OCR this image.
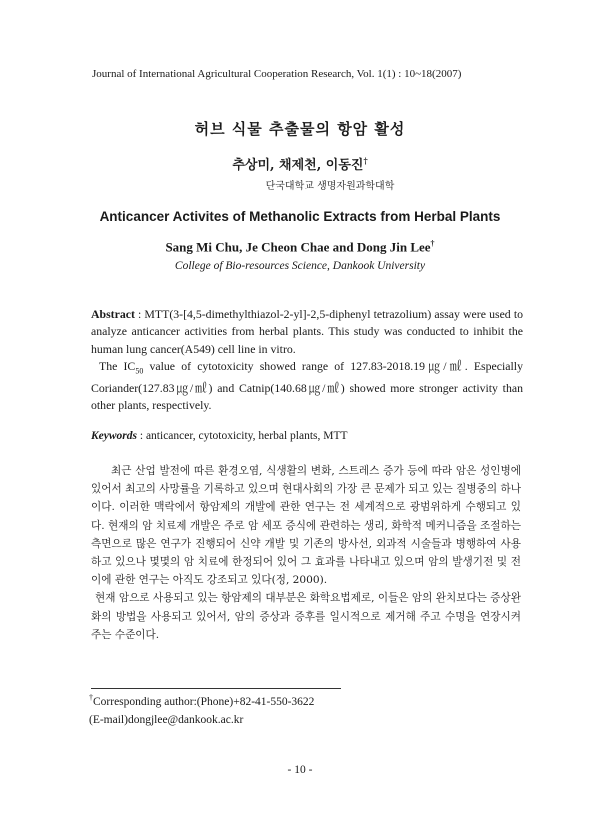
Journal of International Agricultural Cooperation Research, Vol. 1(1) : 10~18(2007)
허브 식물 추출물의 항암 활성
추상미, 채제천, 이동진†
단국대학교 생명자원과학대학
Anticancer Activites of Methanolic Extracts from Herbal Plants
Sang Mi Chu, Je Cheon Chae and Dong Jin Lee†
College of Bio-resources Science, Dankook University

Abstract : MTT(3-[4,5-dimethylthiazol-2-yl]-2,5-diphenyl tetrazolium) assay were used to analyze anticancer activities from herbal plants. This study was conducted to inhibit the human lung cancer(A549) cell line in vitro.

The $IC_{50}$ value of cytotoxicity showed range of 127.83-2018.19㎍/㎖. Especially Coriander(127.83㎍/㎖) and Catnip(140.68㎍/㎖) showed more stronger activity than other plants, respectively.

Keywords : anticancer, cytotoxicity, herbal plants, MTT

최근 산업 발전에 따른 환경오염, 식생활의 변화, 스트레스 증가 등에 따라 암은 성인병에 있어서 최고의 사망률을 기록하고 있으며 현대사회의 가장 큰 문제가 되고 있는 질병중의 하나이다. 이러한 맥락에서 항암제의 개발에 관한 연구는 전 세계적으로 광범위하게 수행되고 있다. 현재의 암 치료제 개발은 주로 암 세포 증식에 관련하는 생리, 화학적 메커니즘을 조절하는 측면으로 많은 연구가 진행되어 신약 개발 및 기존의 방사선, 외과적 시술들과 병행하여 사용하고 있으나 몇몇의 암 치료에 한정되어 있어 그 효과를 나타내고 있으며 암의 발생기전 및 전이에 관한 연구는 아직도 강조되고 있다(정, 2000).

현재 암으로 사용되고 있는 항암제의 대부분은 화학요법제로, 이들은 암의 완치보다는 증상완화의 방법을 사용되고 있어서, 암의 증상과 증후를 일시적으로 제거해 주고 수명을 연장시켜 주는 수준이다.

†Corresponding author:(Phone)+82-41-550-3622
(E-mail)dongjlee@dankook.ac.kr
- 10 -
